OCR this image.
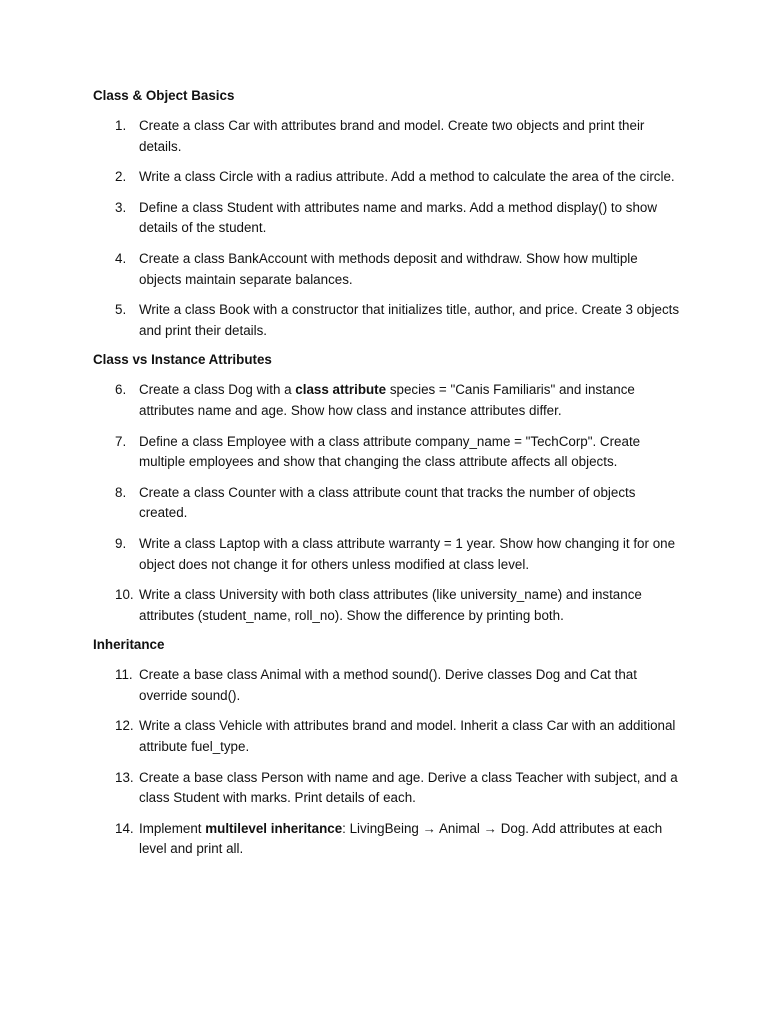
Class & Object Basics
1. Create a class Car with attributes brand and model. Create two objects and print their details.
2. Write a class Circle with a radius attribute. Add a method to calculate the area of the circle.
3. Define a class Student with attributes name and marks. Add a method display() to show details of the student.
4. Create a class BankAccount with methods deposit and withdraw. Show how multiple objects maintain separate balances.
5. Write a class Book with a constructor that initializes title, author, and price. Create 3 objects and print their details.
Class vs Instance Attributes
6. Create a class Dog with a class attribute species = "Canis Familiaris" and instance attributes name and age. Show how class and instance attributes differ.
7. Define a class Employee with a class attribute company_name = "TechCorp". Create multiple employees and show that changing the class attribute affects all objects.
8. Create a class Counter with a class attribute count that tracks the number of objects created.
9. Write a class Laptop with a class attribute warranty = 1 year. Show how changing it for one object does not change it for others unless modified at class level.
10. Write a class University with both class attributes (like university_name) and instance attributes (student_name, roll_no). Show the difference by printing both.
Inheritance
11. Create a base class Animal with a method sound(). Derive classes Dog and Cat that override sound().
12. Write a class Vehicle with attributes brand and model. Inherit a class Car with an additional attribute fuel_type.
13. Create a base class Person with name and age. Derive a class Teacher with subject, and a class Student with marks. Print details of each.
14. Implement multilevel inheritance: LivingBeing → Animal → Dog. Add attributes at each level and print all.
